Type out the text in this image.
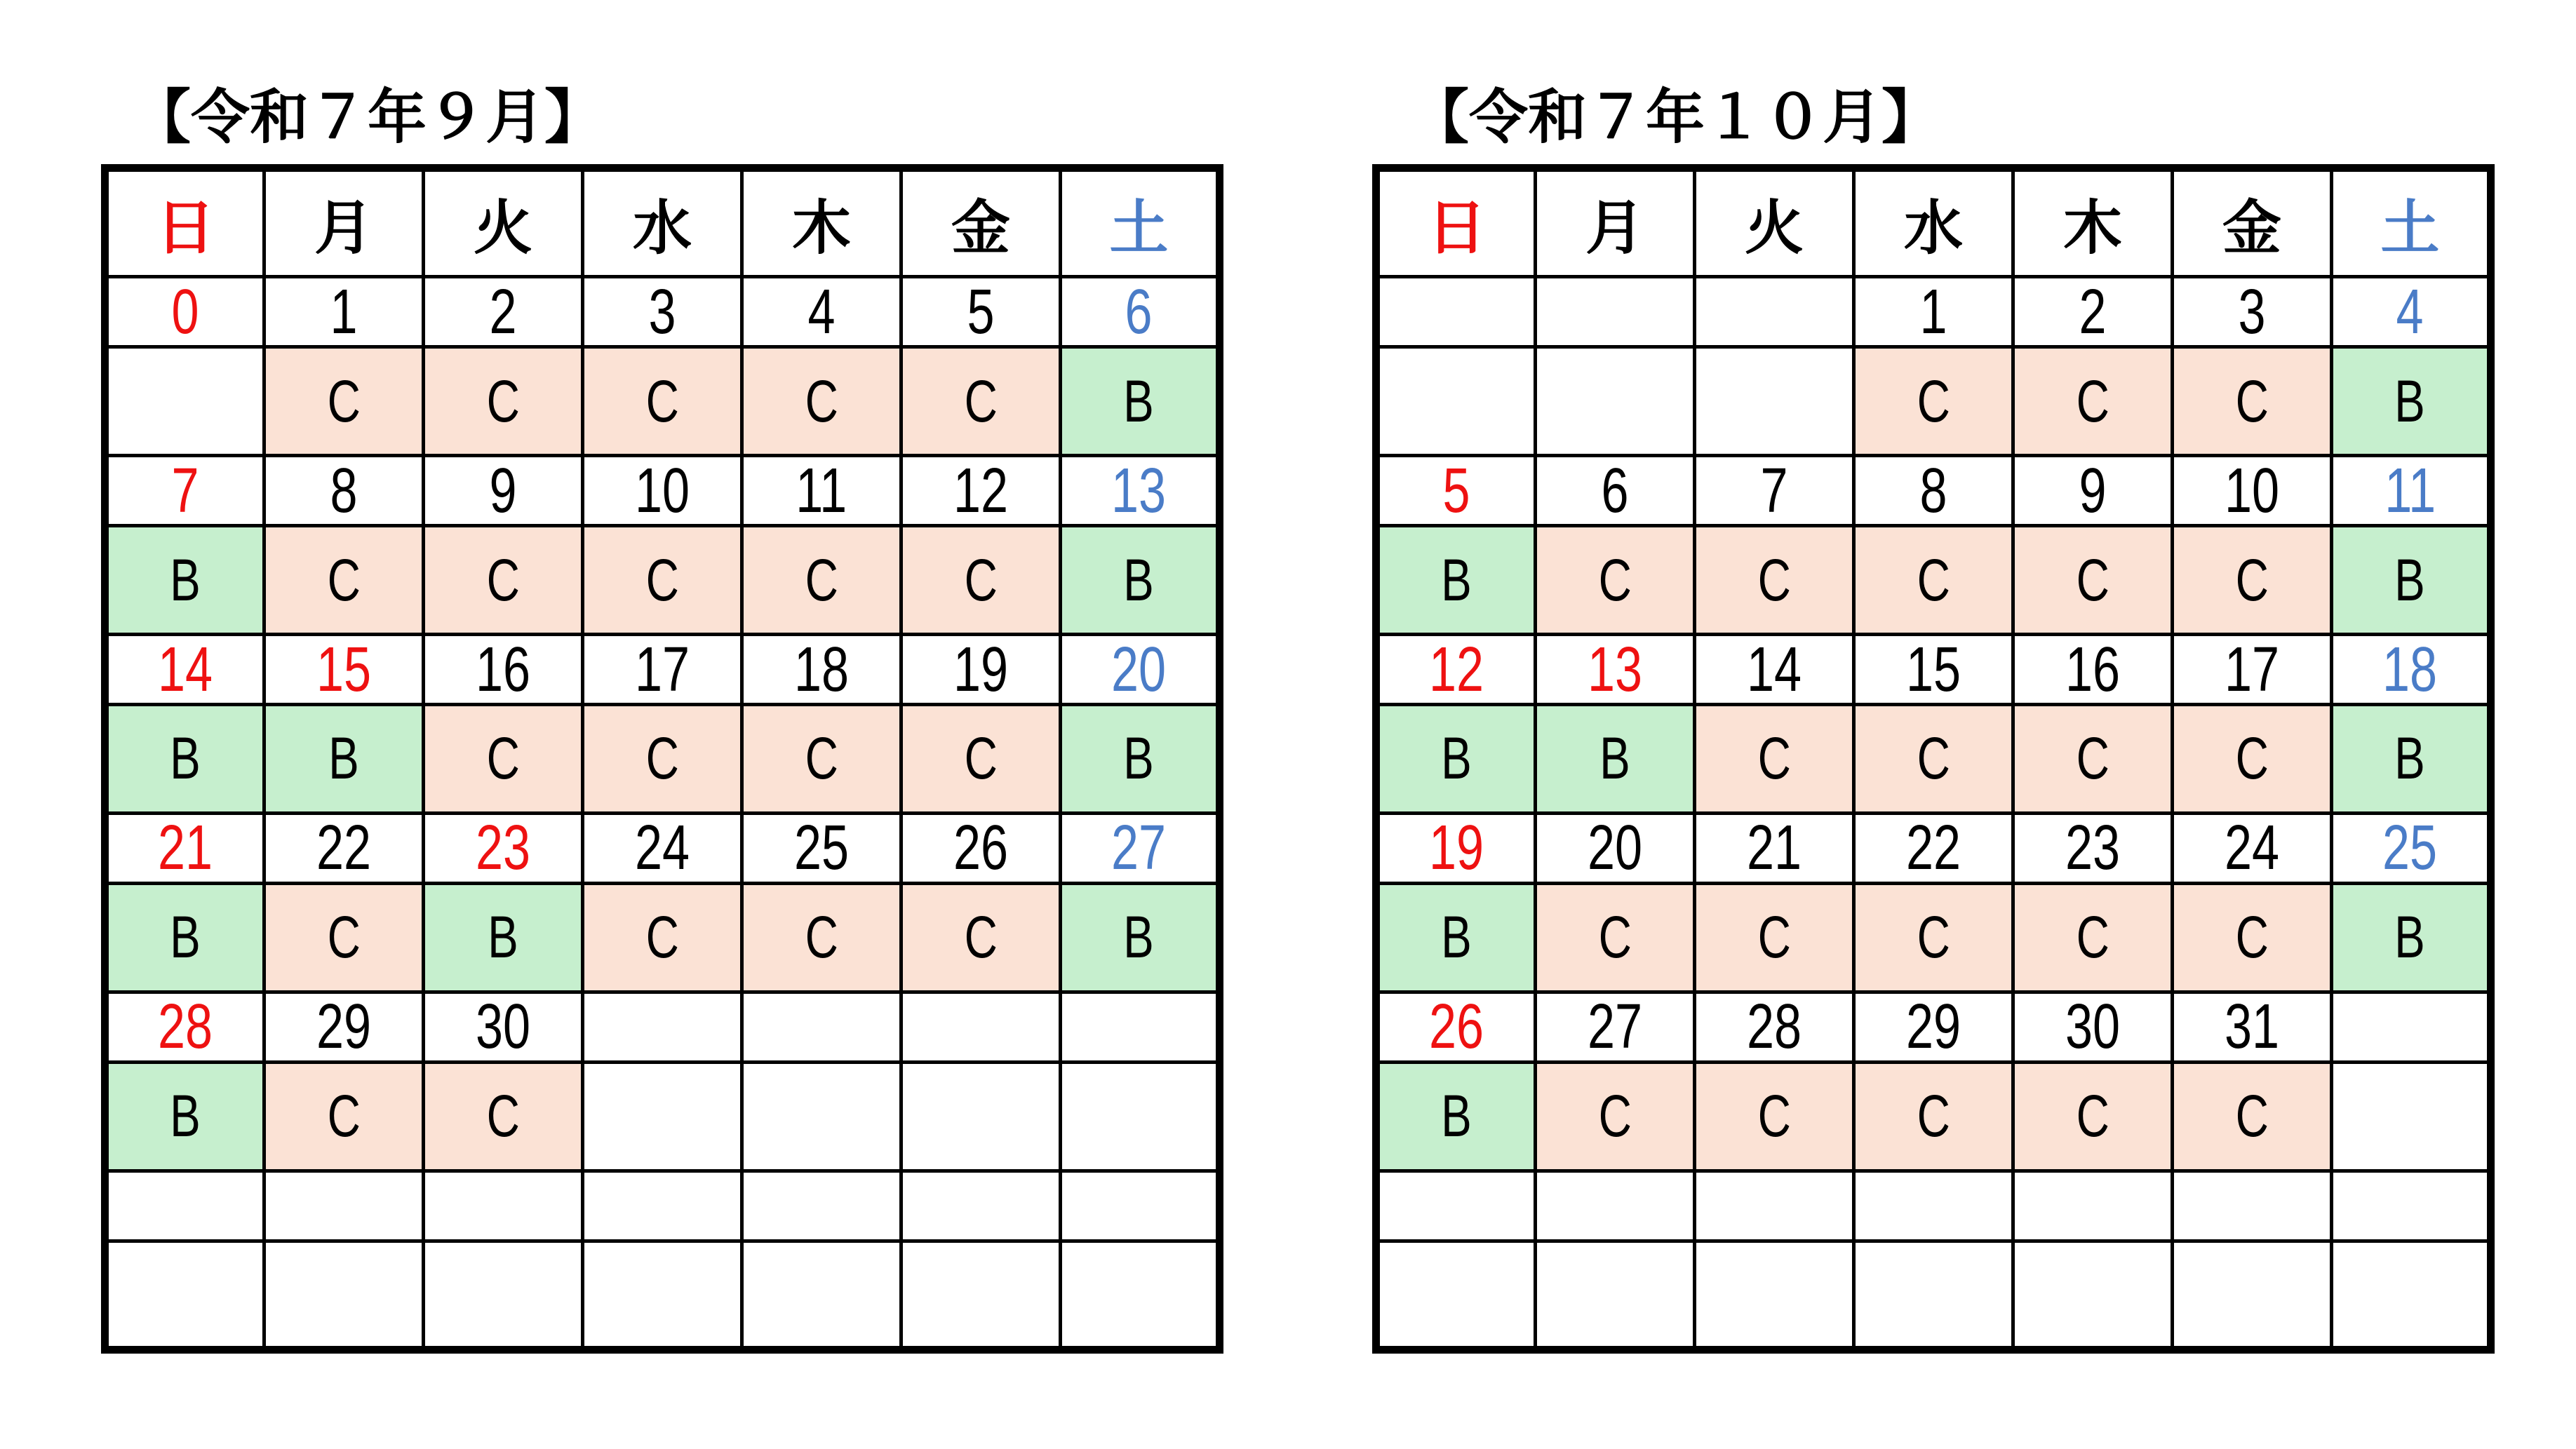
【令和７年９月】	【令和７年１０月】
日	月	火	水	木	金	土
0	1	2	3	4	5	6
	C	C	C	C	C	B
7	8	9	10	11	12	13
B	C	C	C	C	C	B
14	15	16	17	18	19	20
B	B	C	C	C	C	B
21	22	23	24	25	26	27
B	C	B	C	C	C	B
28	29	30				
B	C	C				

日	月	火	水	木	金	土
			1	2	3	4
			C	C	C	B
5	6	7	8	9	10	11
B	C	C	C	C	C	B
12	13	14	15	16	17	18
B	B	C	C	C	C	B
19	20	21	22	23	24	25
B	C	C	C	C	C	B
26	27	28	29	30	31	
B	C	C	C	C	C	
